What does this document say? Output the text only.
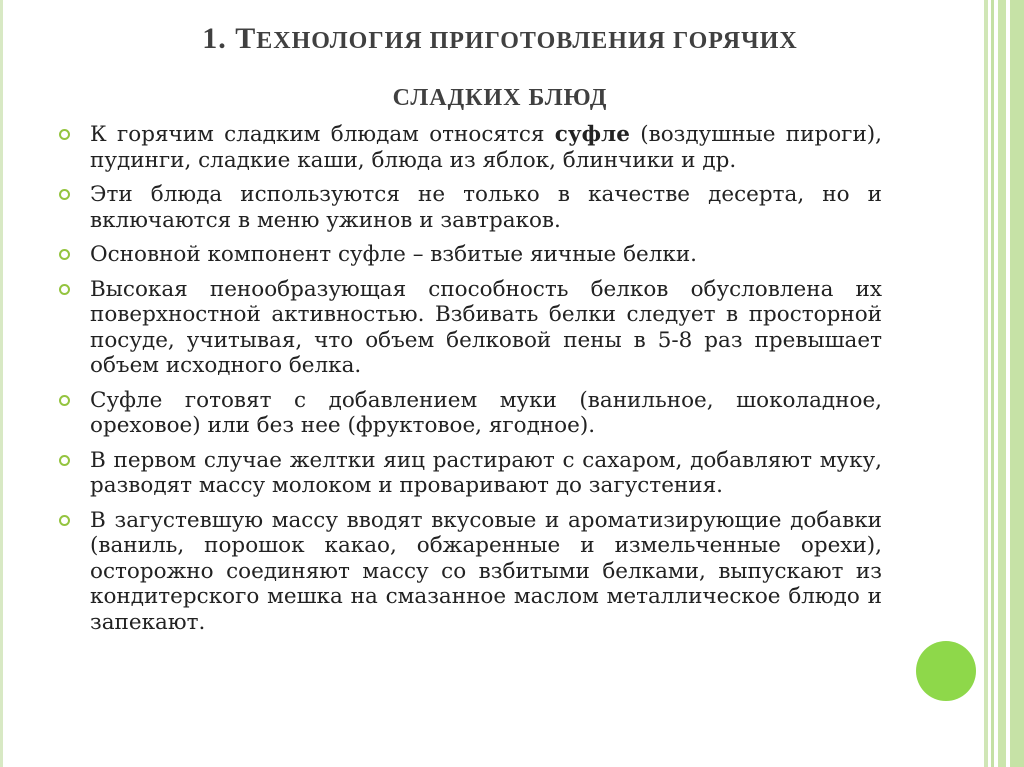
1. ТЕХНОЛОГИЯ ПРИГОТОВЛЕНИЯ ГОРЯЧИХ
СЛАДКИХ БЛЮД
К горячим сладким блюдам относятся суфле (воздушные пироги), пудинги, сладкие каши, блюда из яблок, блинчики и др.
Эти блюда используются не только в качестве десерта, но и включаются в меню ужинов и завтраков.
Основной компонент суфле – взбитые яичные белки.
Высокая пенообразующая способность белков обусловлена их поверхностной активностью. Взбивать белки следует в просторной посуде, учитывая, что объем белковой пены в 5-8 раз превышает объем исходного белка.
Суфле готовят с добавлением муки (ванильное, шоколадное, ореховое) или без нее (фруктовое, ягодное).
В первом случае желтки яиц растирают с сахаром, добавляют муку, разводят массу молоком и проваривают до загустения.
В загустевшую массу вводят вкусовые и ароматизирующие добавки (ваниль, порошок какао, обжаренные и измельченные орехи), осторожно соединяют массу со взбитыми белками, выпускают из кондитерского мешка на смазанное маслом металлическое блюдо и запекают.
